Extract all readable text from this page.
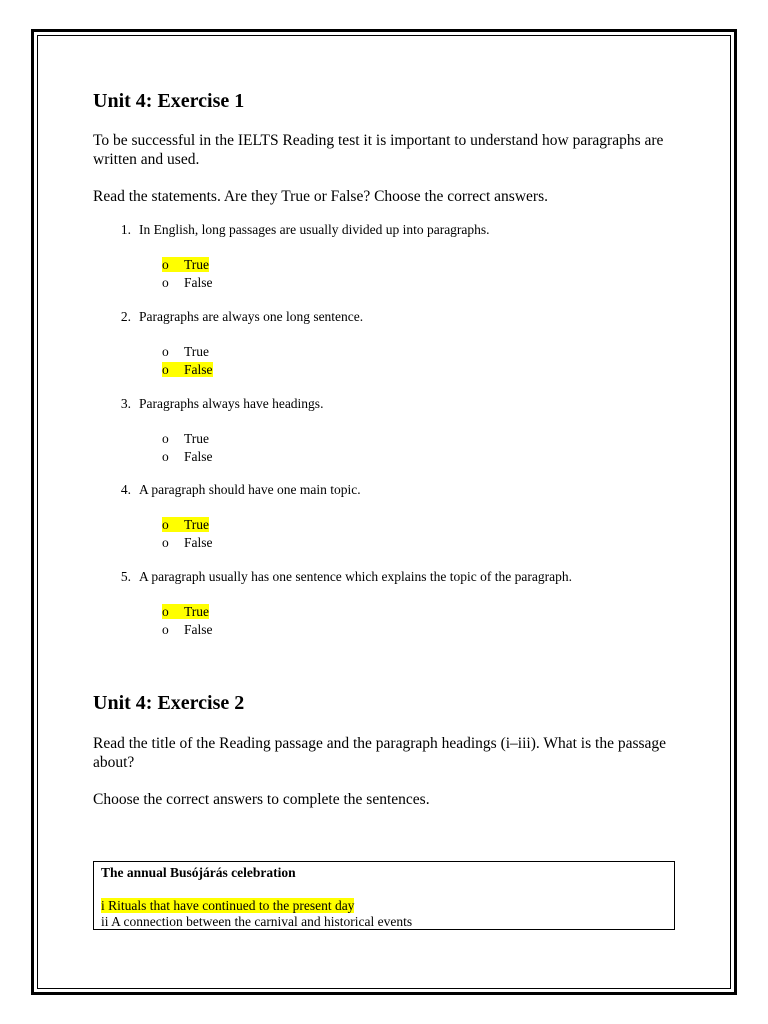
Unit 4: Exercise 1
To be successful in the IELTS Reading test it is important to understand how paragraphs are written and used.
Read the statements. Are they True or False? Choose the correct answers.
1. In English, long passages are usually divided up into paragraphs.
o True
o False
2. Paragraphs are always one long sentence.
o True
o False
3. Paragraphs always have headings.
o True
o False
4. A paragraph should have one main topic.
o True
o False
5. A paragraph usually has one sentence which explains the topic of the paragraph.
o True
o False
Unit 4: Exercise 2
Read the title of the Reading passage and the paragraph headings (i–iii). What is the passage about?
Choose the correct answers to complete the sentences.
The annual Busójárás celebration
i Rituals that have continued to the present day
ii A connection between the carnival and historical events
